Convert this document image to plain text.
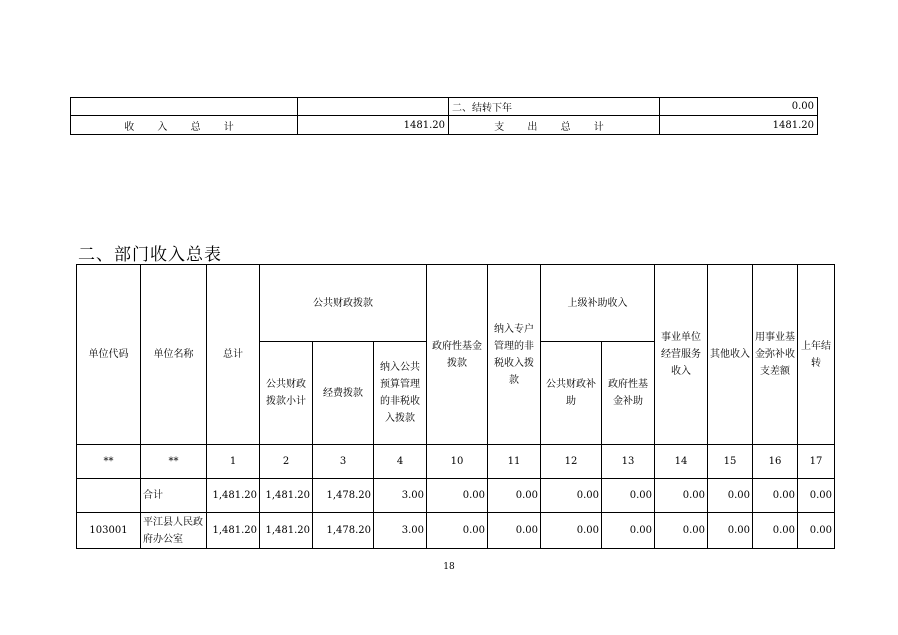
		二、结转下年	0.00
收 入 总 计	1481.20	支 出 总 计	1481.20
二、部门收入总表
单位代码	单位名称	总计	公共财政拨款			政府性基金拨款	纳入专户管理的非税收入拨款	上级补助收入		事业单位经营服务收入	其他收入	用事业基金弥补收支差额	上年结转
			公共财政拨款小计	经费拨款	纳入公共预算管理的非税收入拨款			公共财政补助	政府性基金补助				
**	**	1	2	3	4	10	11	12	13	14	15	16	17
	合计	1,481.20	1,481.20	1,478.20	3.00	0.00	0.00	0.00	0.00	0.00	0.00	0.00	0.00
103001	平江县人民政府办公室	1,481.20	1,481.20	1,478.20	3.00	0.00	0.00	0.00	0.00	0.00	0.00	0.00	0.00
18
